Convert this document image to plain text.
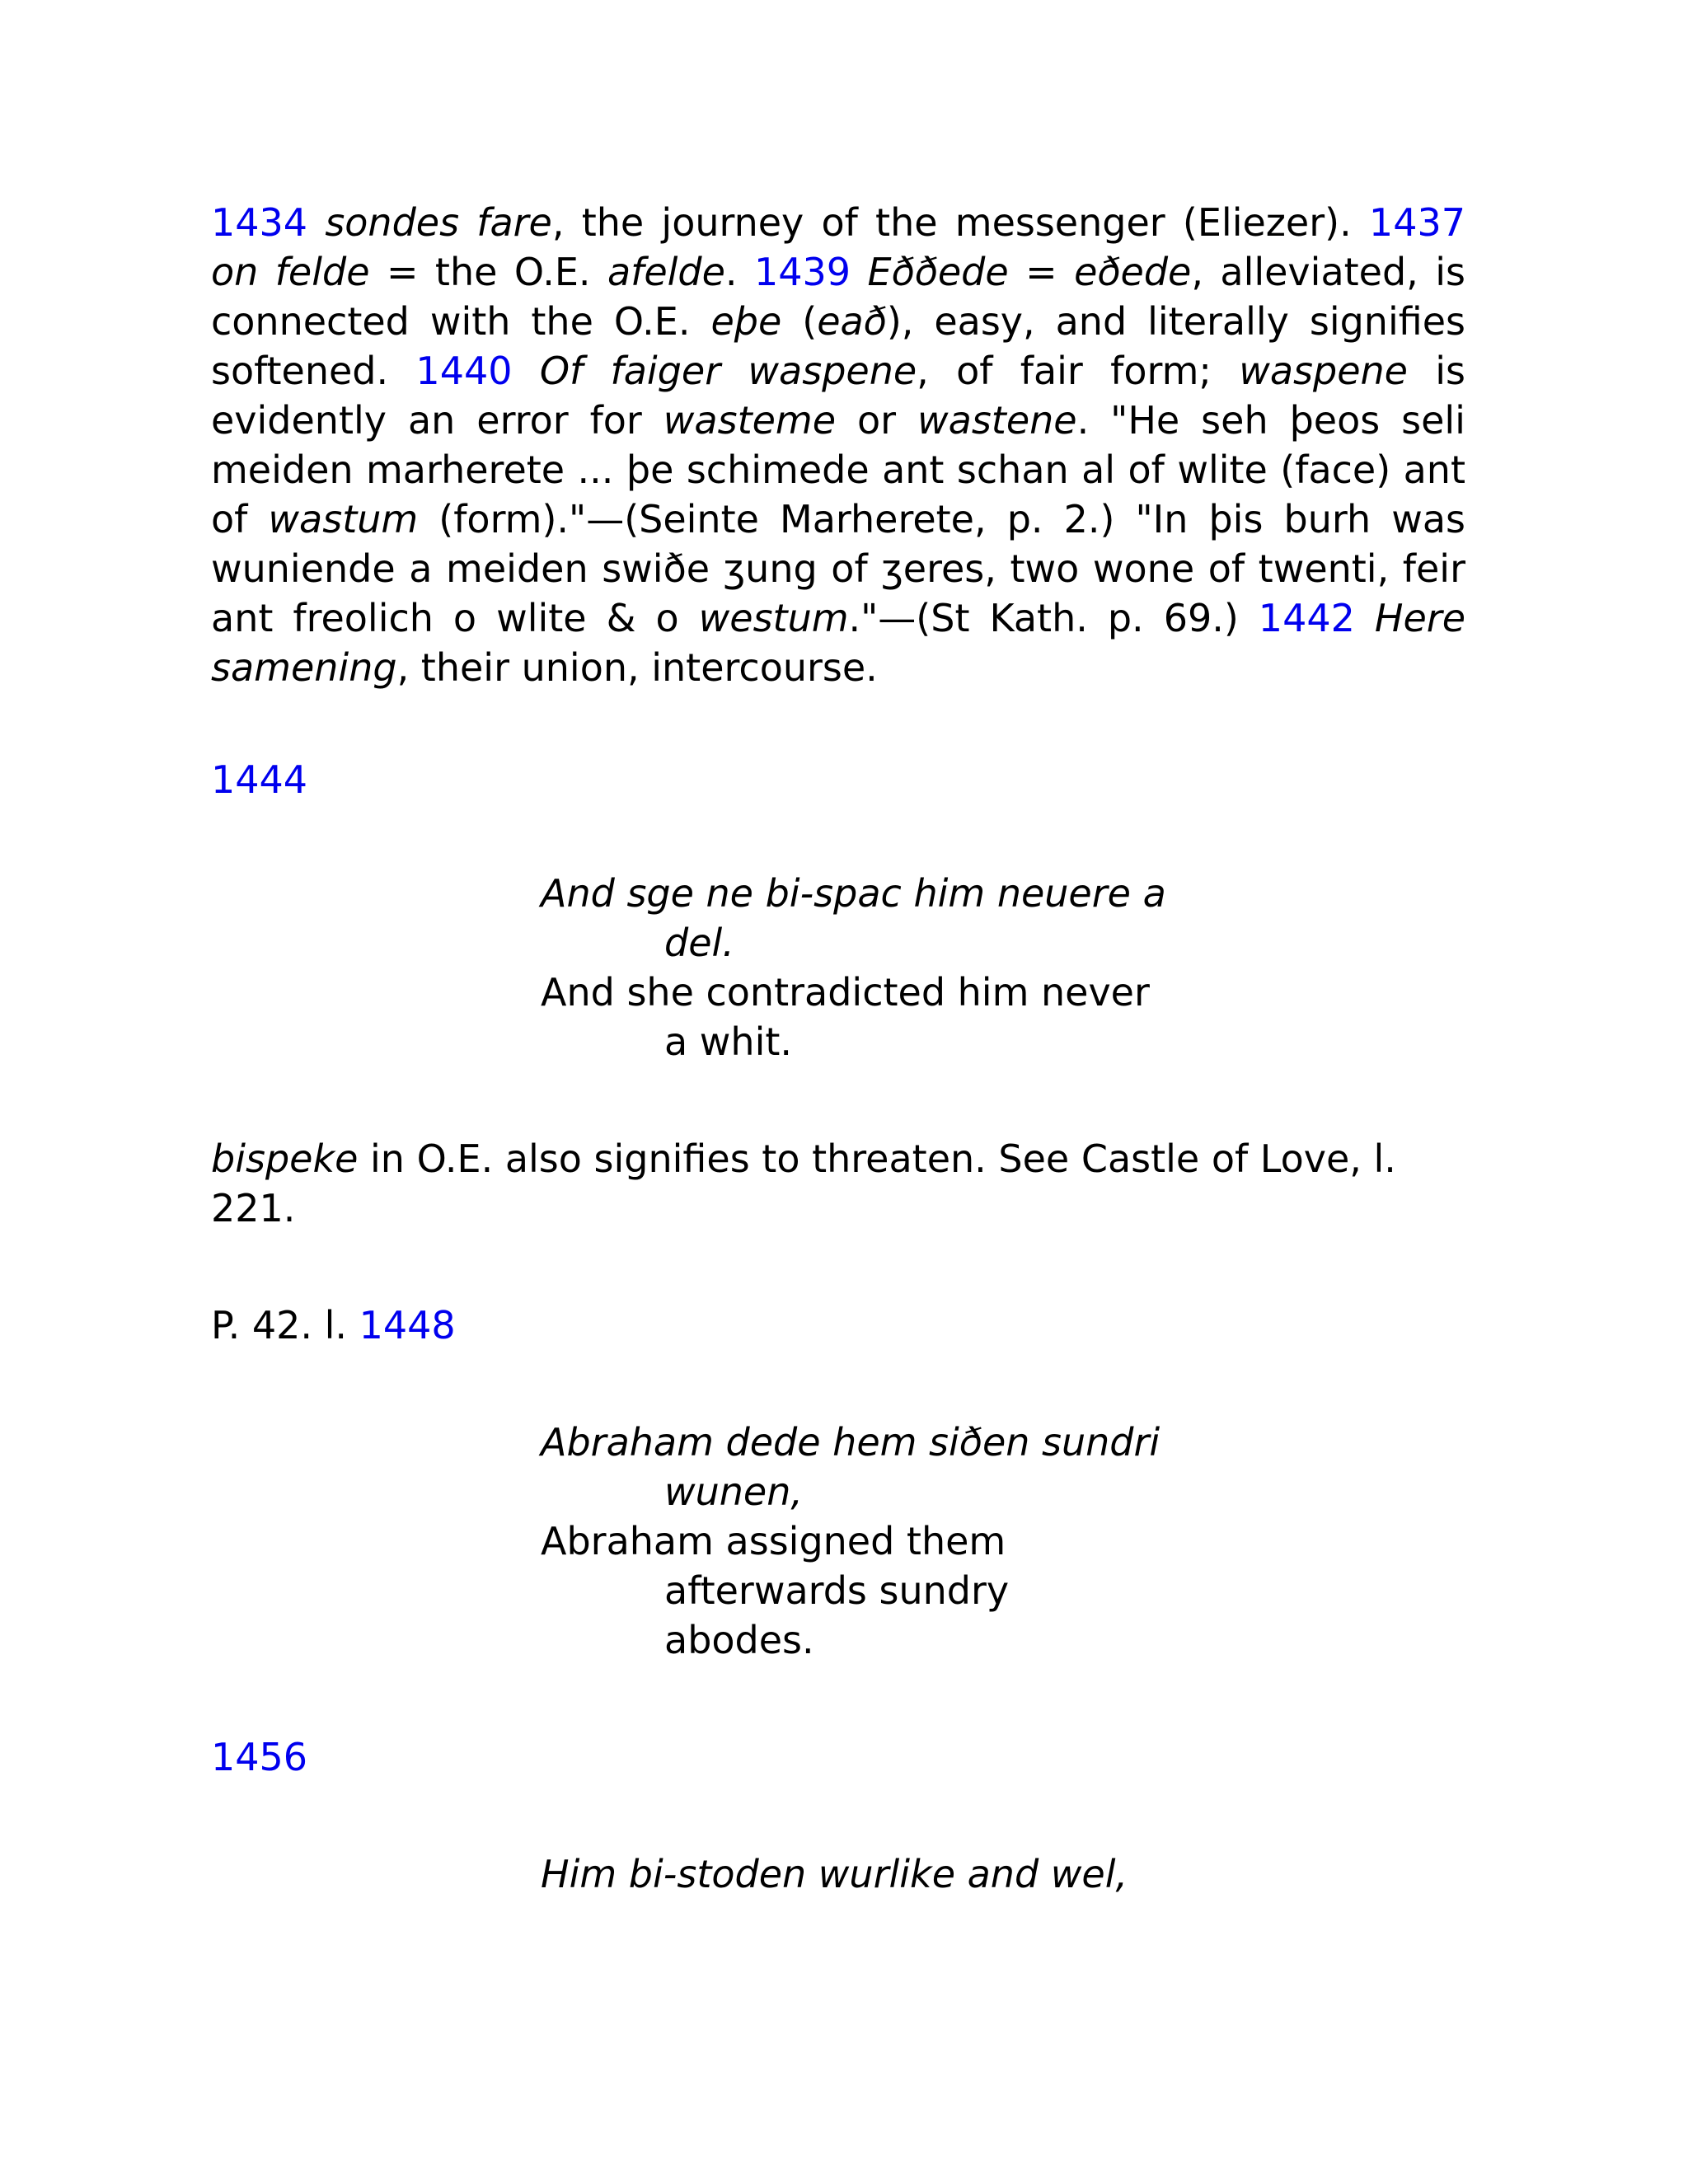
1434 sondes fare, the journey of the messenger (Eliezer). 1437 on felde = the O.E. afelde. 1439 Eððede = eðede, alleviated, is connected with the O.E. eþe (eað), easy, and literally signifies softened. 1440 Of faiger waspene, of fair form; waspene is evidently an error for wasteme or wastene. "He seh þeos seli meiden marherete ... þe schimede ant schan al of wlite (face) ant of wastum (form)."—(Seinte Marherete, p. 2.) "In þis burh was wuniende a meiden swiðe ʒung of ʒeres, two wone of twenti, feir ant freolich o wlite & o westum."—(St Kath. p. 69.) 1442 Here samening, their union, intercourse.

1444

And sge ne bi-spac him neuere a

del.

And she contradicted him never

a whit.

bispeke in O.E. also signifies to threaten. See Castle of Love, l. 221.

P. 42. l. 1448

Abraham dede hem siðen sundri

wunen,

Abraham assigned them

afterwards sundry
abodes.

1456

Him bi-stoden wurlike and wel,
